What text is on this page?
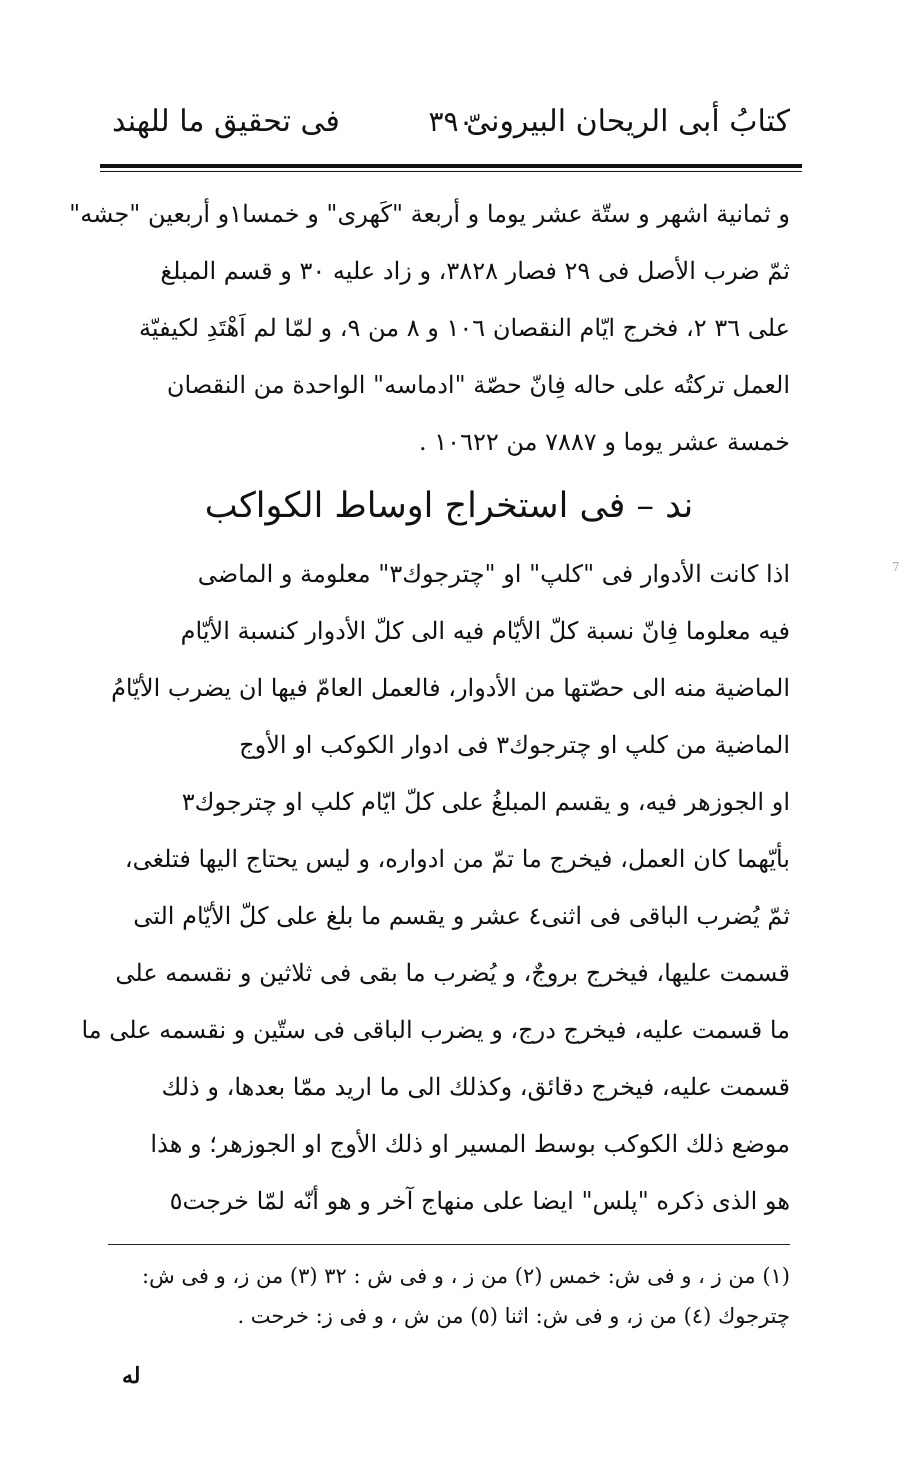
كتابُ أبى الريحان البيرونىّ
٣٩٠
فى تحقيق ما للهند
و ثمانية اشهر و ستّة عشر يوما و أربعة "كَهرى" و خمسا١و أربعين "جشه"
ثمّ ضرب الأصل فى ٢٩ فصار ٣٨٢٨، و زاد عليه ٣٠ و قسم المبلغ
على ٣٦ ٢، فخرج ايّام النقصان ١٠٦ و ٨ من ٩، و لمّا لم اَهْتَدِ لكيفيّة
العمل تركتُه على حاله فِانّ حصّة "ادماسه" الواحدة من النقصان
خمسة عشر يوما و ٧٨٨٧ من ١٠٦٢٢ .
ند – فى استخراج اوساط الكواكب
اذا كانت الأدوار فى "كلپ" او "چترجوك٣" معلومة و الماضى
فيه معلوما فِانّ نسبة كلّ الأيّام فيه الى كلّ الأدوار كنسبة الأيّام
الماضية منه الى حصّتها من الأدوار، فالعمل العامّ فيها ان يضرب الأيّامُ
الماضية من كلپ او چترجوك٣ فى ادوار الكوكب او الأوج
او الجوزهر فيه، و يقسم المبلغُ على كلّ ايّام كلپ او چترجوك٣
بأيّهما كان العمل، فيخرج ما تمّ من ادواره، و ليس يحتاج اليها فتلغى،
ثمّ يُضرب الباقى فى اثنى٤ عشر و يقسم ما بلغ على كلّ الأيّام التى
قسمت عليها، فيخرج بروجٌ، و يُضرب ما بقى فى ثلاثين و نقسمه على
ما قسمت عليه، فيخرج درج، و يضرب الباقى فى ستّين و نقسمه على ما
قسمت عليه، فيخرج دقائق، وكذلك الى ما اريد ممّا بعدها، و ذلك
موضع ذلك الكوكب بوسط المسير او ذلك الأوج او الجوزهر؛ و هذا
هو الذى ذكره "پلس" ايضا على منهاج آخر و هو أنّه لمّا خرجت٥
(١) من ز ، و فى ش: خمس (٢) من ز ، و فى ش : ٣٢ (٣) من ز، و فى ش:
چترجوك (٤) من ز، و فى ش: اثنا (٥) من ش ، و فى ز: خرحت .
له
7
